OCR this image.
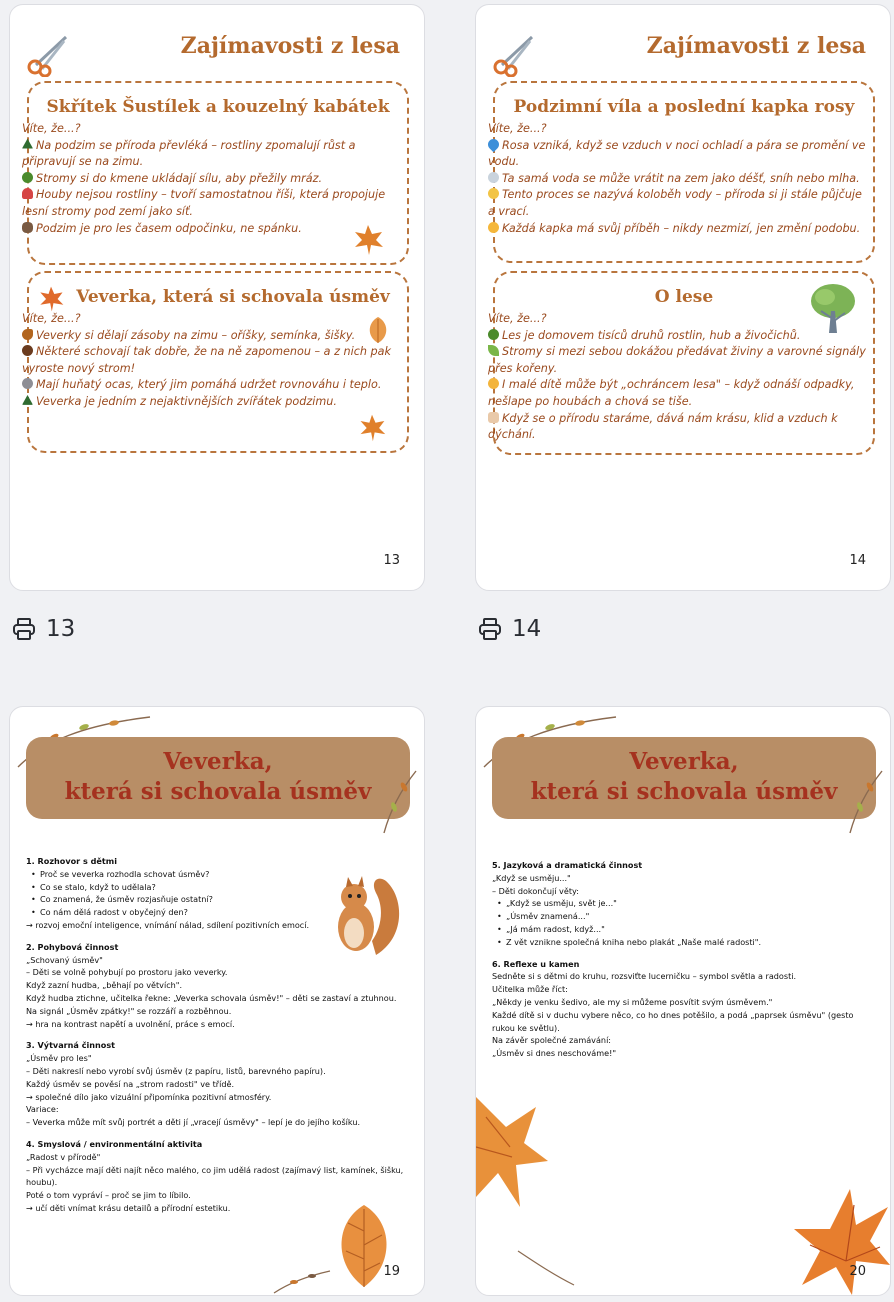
Zajímavosti z lesa
Skřítek Šustílek a kouzelný kabátek
Víte, že...?
Na podzim se příroda převléká – rostliny zpomalují růst a
připravují se na zimu.
Stromy si do kmene ukládají sílu, aby přežily mráz.
Houby nejsou rostliny – tvoří samostatnou říši, která propojuje
lesní stromy pod zemí jako síť.
Podzim je pro les časem odpočinku, ne spánku.
Veverka, která si schovala úsměv
Víte, že...?
Veverky si dělají zásoby na zimu – oříšky, semínka, šišky.
Některé schovají tak dobře, že na ně zapomenou – a z nich pak
vyroste nový strom!
Mají huňatý ocas, který jim pomáhá udržet rovnováhu i teplo.
Veverka je jedním z nejaktivnějších zvířátek podzimu.
13
13
Zajímavosti z lesa
Podzimní víla a poslední kapka rosy
Víte, že...?
Rosa vzniká, když se vzduch v noci ochladí a pára se promění ve
vodu.
Ta samá voda se může vrátit na zem jako déšť, sníh nebo mlha.
Tento proces se nazývá koloběh vody – příroda si ji stále půjčuje
a vrací.
Každá kapka má svůj příběh – nikdy nezmizí, jen změní podobu.
O lese
Víte, že...?
Les je domovem tisíců druhů rostlin, hub a živočichů.
Stromy si mezi sebou dokážou předávat živiny a varovné signály
přes kořeny.
I malé dítě může být „ochráncem lesa" – když odnáší odpadky,
nešlape po houbách a chová se tiše.
Když se o přírodu staráme, dává nám krásu, klid a vzduch k
dýchání.
14
14
Veverka,
která si schovala úsměv
1. Rozhovor s dětmi
• Proč se veverka rozhodla schovat úsměv?
• Co se stalo, když to udělala?
• Co znamená, že úsměv rozjasňuje ostatní?
• Co nám dělá radost v obyčejný den?
→ rozvoj emoční inteligence, vnímání nálad, sdílení pozitivních emocí.
2. Pohybová činnost
„Schovaný úsměv"
– Děti se volně pohybují po prostoru jako veverky.
Když zazní hudba, „běhají po větvích".
Když hudba ztichne, učitelka řekne: „Veverka schovala úsměv!" – děti se zastaví a ztuhnou.
Na signál „Úsměv zpátky!" se rozzáří a rozběhnou.
→ hra na kontrast napětí a uvolnění, práce s emocí.
3. Výtvarná činnost
„Úsměv pro les"
– Děti nakreslí nebo vyrobí svůj úsměv (z papíru, listů, barevného papíru).
Každý úsměv se pověsí na „strom radosti" ve třídě.
→ společné dílo jako vizuální připomínka pozitivní atmosféry.
Variace:
– Veverka může mít svůj portrét a děti jí „vracejí úsměvy" – lepí je do jejího košíku.
4. Smyslová / environmentální aktivita
„Radost v přírodě"
– Při vycházce mají děti najít něco malého, co jim udělá radost (zajímavý list, kamínek, šišku,
houbu).
Poté o tom vypráví – proč se jim to líbilo.
→ učí děti vnímat krásu detailů a přírodní estetiku.
19
Veverka,
která si schovala úsměv
5. Jazyková a dramatická činnost
„Když se usměju..."
– Děti dokončují věty:
• „Když se usměju, svět je..."
• „Úsměv znamená..."
• „Já mám radost, když..."
• Z vět vznikne společná kniha nebo plakát „Naše malé radosti".
6. Reflexe u kamen
Sedněte si s dětmi do kruhu, rozsviťte lucerničku – symbol světla a radosti.
Učitelka může říct:
„Někdy je venku šedivo, ale my si můžeme posvítit svým úsměvem."
Každé dítě si v duchu vybere něco, co ho dnes potěšilo, a podá „paprsek úsměvu" (gesto
rukou ke světlu).
Na závěr společné zamávání:
„Úsměv si dnes neschováme!"
20
